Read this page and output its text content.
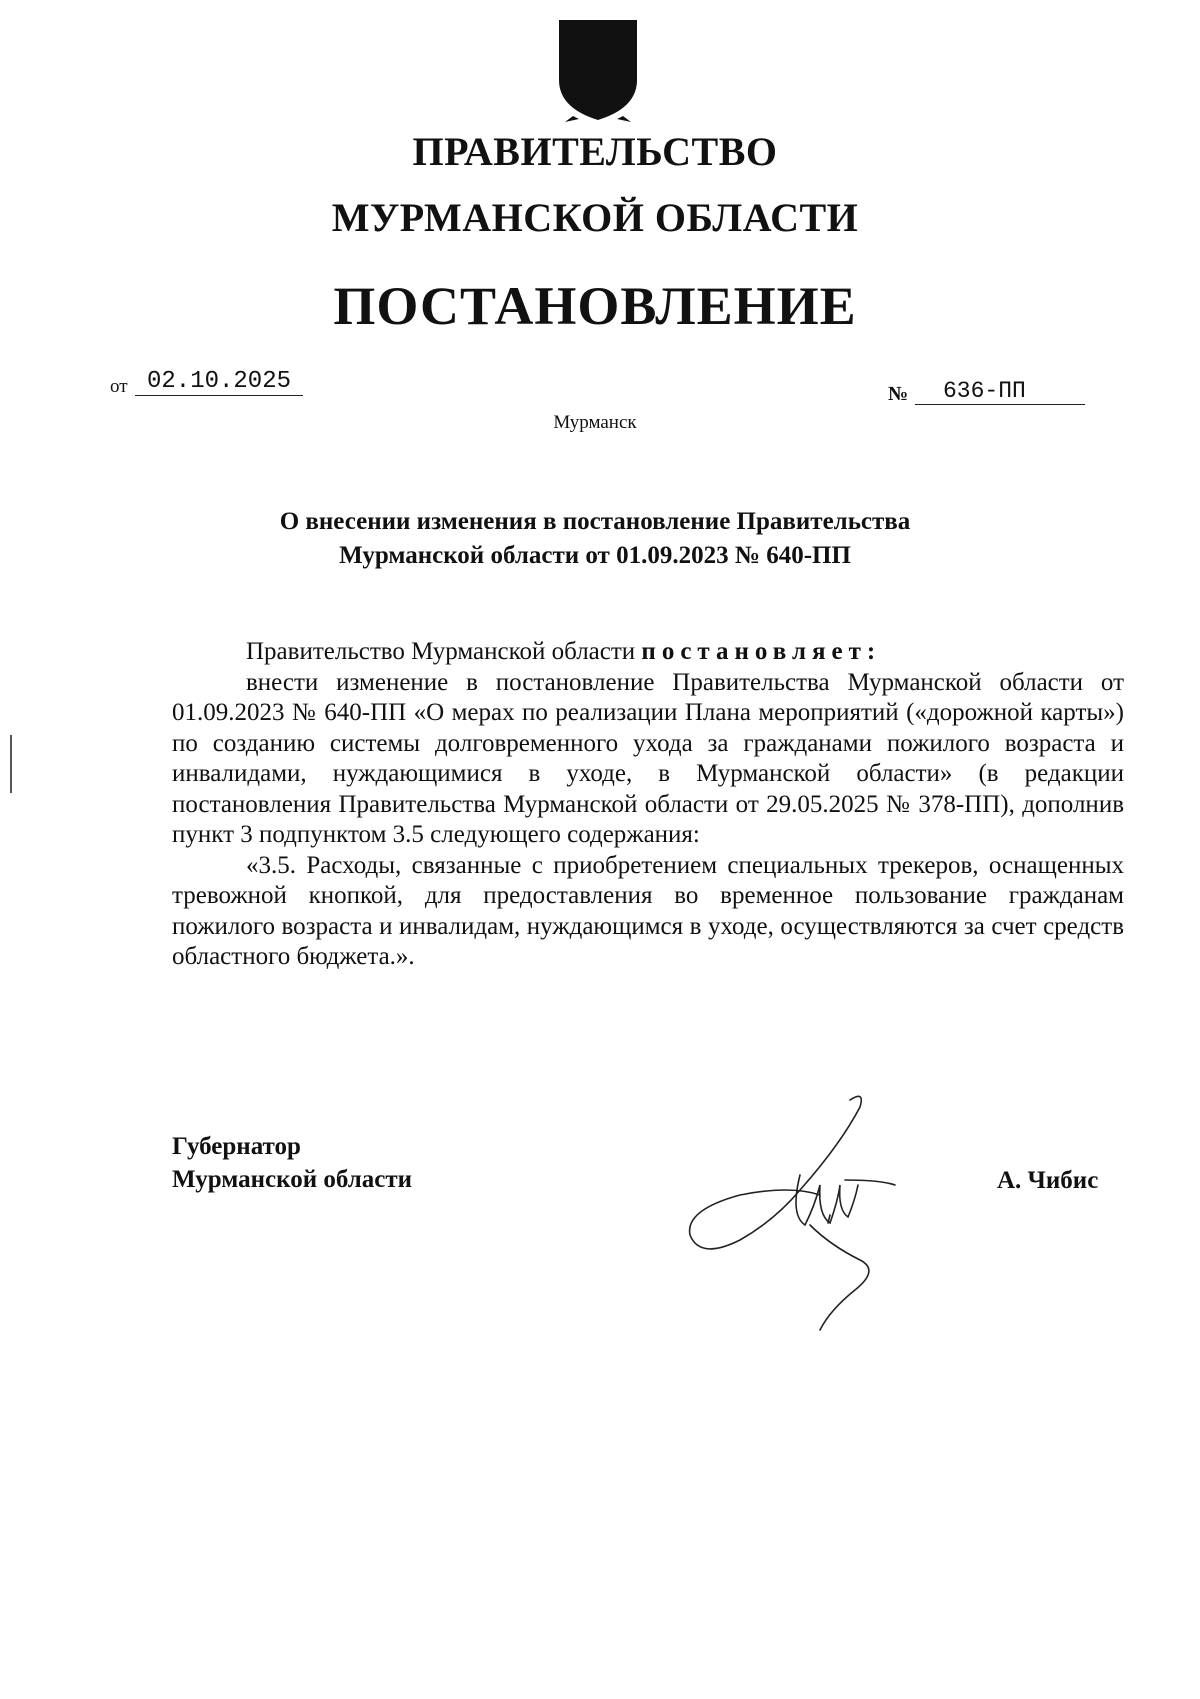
ПРАВИТЕЛЬСТВО
МУРМАНСКОЙ ОБЛАСТИ
ПОСТАНОВЛЕНИЕ
от 02.10.2025	№	636-ПП
Мурманск
О внесении изменения в постановление Правительства
Мурманской области от 01.09.2023 № 640-ПП

Правительство Мурманской области постановляет:

внести изменение в постановление Правительства Мурманской области от 01.09.2023 № 640-ПП «О мерах по реализации Плана мероприятий («дорожной карты») по созданию системы долговременного ухода за гражданами пожилого возраста и инвалидами, нуждающимися в уходе, в Мурманской области» (в редакции постановления Правительства Мурманской области от 29.05.2025 № 378-ПП), дополнив пункт 3 подпунктом 3.5 следующего содержания:

«3.5. Расходы, связанные с приобретением специальных трекеров, оснащенных тревожной кнопкой, для предоставления во временное пользование гражданам пожилого возраста и инвалидам, нуждающимся в уходе, осуществляются за счет средств областного бюджета.».

Губернатор
Мурманской области	А. Чибис
